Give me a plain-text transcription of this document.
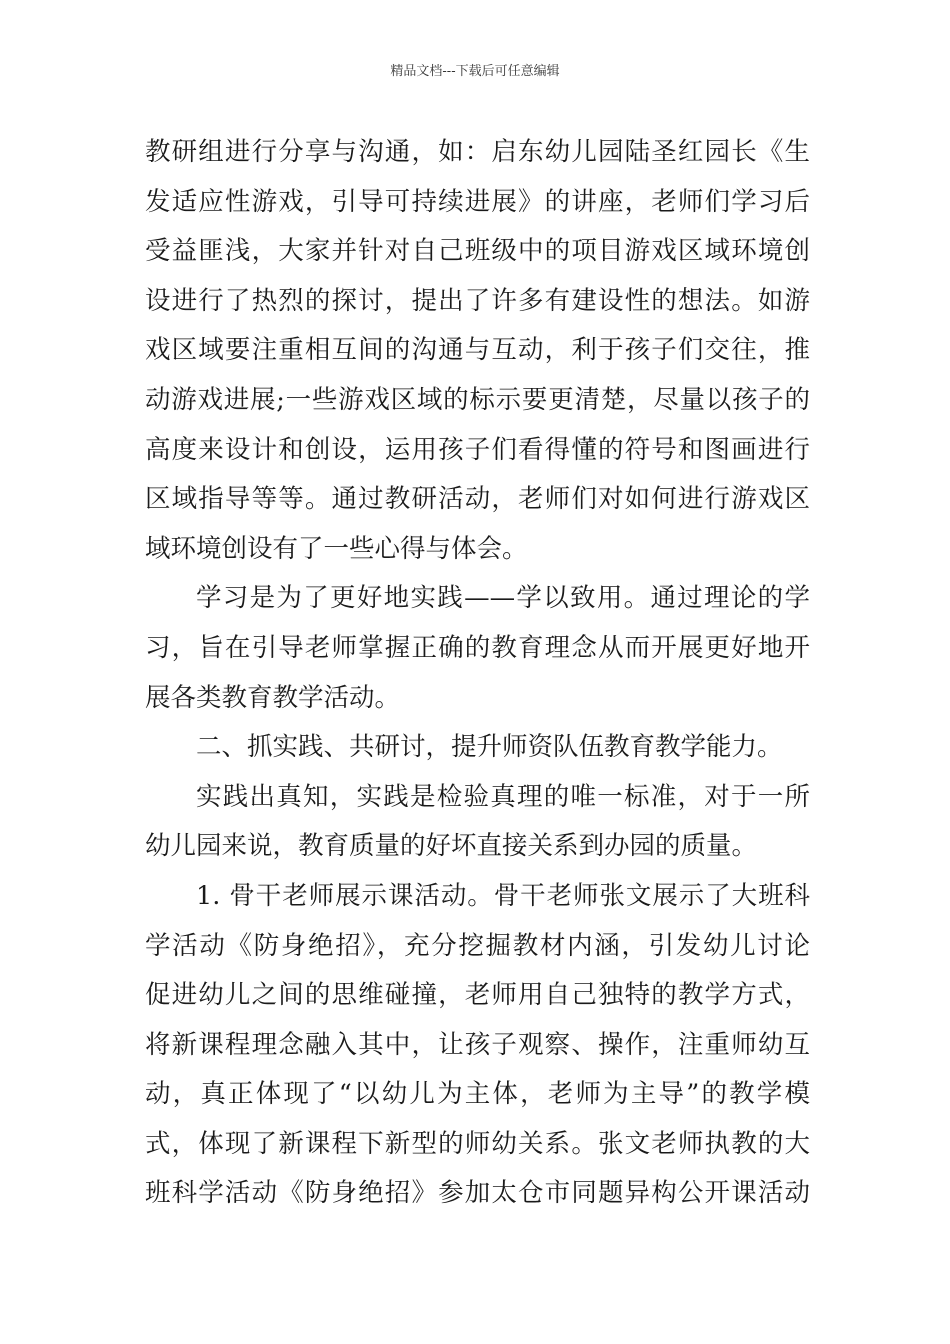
精品文档---下载后可任意编辑
教研组进行分享与沟通，如：启东幼儿园陆圣红园长《生
发适应性游戏，引导可持续进展》的讲座，老师们学习后
受益匪浅，大家并针对自己班级中的项目游戏区域环境创
设进行了热烈的探讨，提出了许多有建设性的想法。如游
戏区域要注重相互间的沟通与互动，利于孩子们交往，推
动游戏进展;一些游戏区域的标示要更清楚，尽量以孩子的
高度来设计和创设，运用孩子们看得懂的符号和图画进行
区域指导等等。通过教研活动，老师们对如何进行游戏区
域环境创设有了一些心得与体会。
学习是为了更好地实践——学以致用。通过理论的学
习，旨在引导老师掌握正确的教育理念从而开展更好地开
展各类教育教学活动。
二、抓实践、共研讨，提升师资队伍教育教学能力。
实践出真知，实践是检验真理的唯一标准，对于一所
幼儿园来说，教育质量的好坏直接关系到办园的质量。
1. 骨干老师展示课活动。骨干老师张文展示了大班科
学活动《防身绝招》，充分挖掘教材内涵，引发幼儿讨论
促进幼儿之间的思维碰撞，老师用自己独特的教学方式，
将新课程理念融入其中，让孩子观察、操作，注重师幼互
动，真正体现了“以幼儿为主体，老师为主导”的教学模
式，体现了新课程下新型的师幼关系。张文老师执教的大
班科学活动《防身绝招》参加太仓市同题异构公开课活动
